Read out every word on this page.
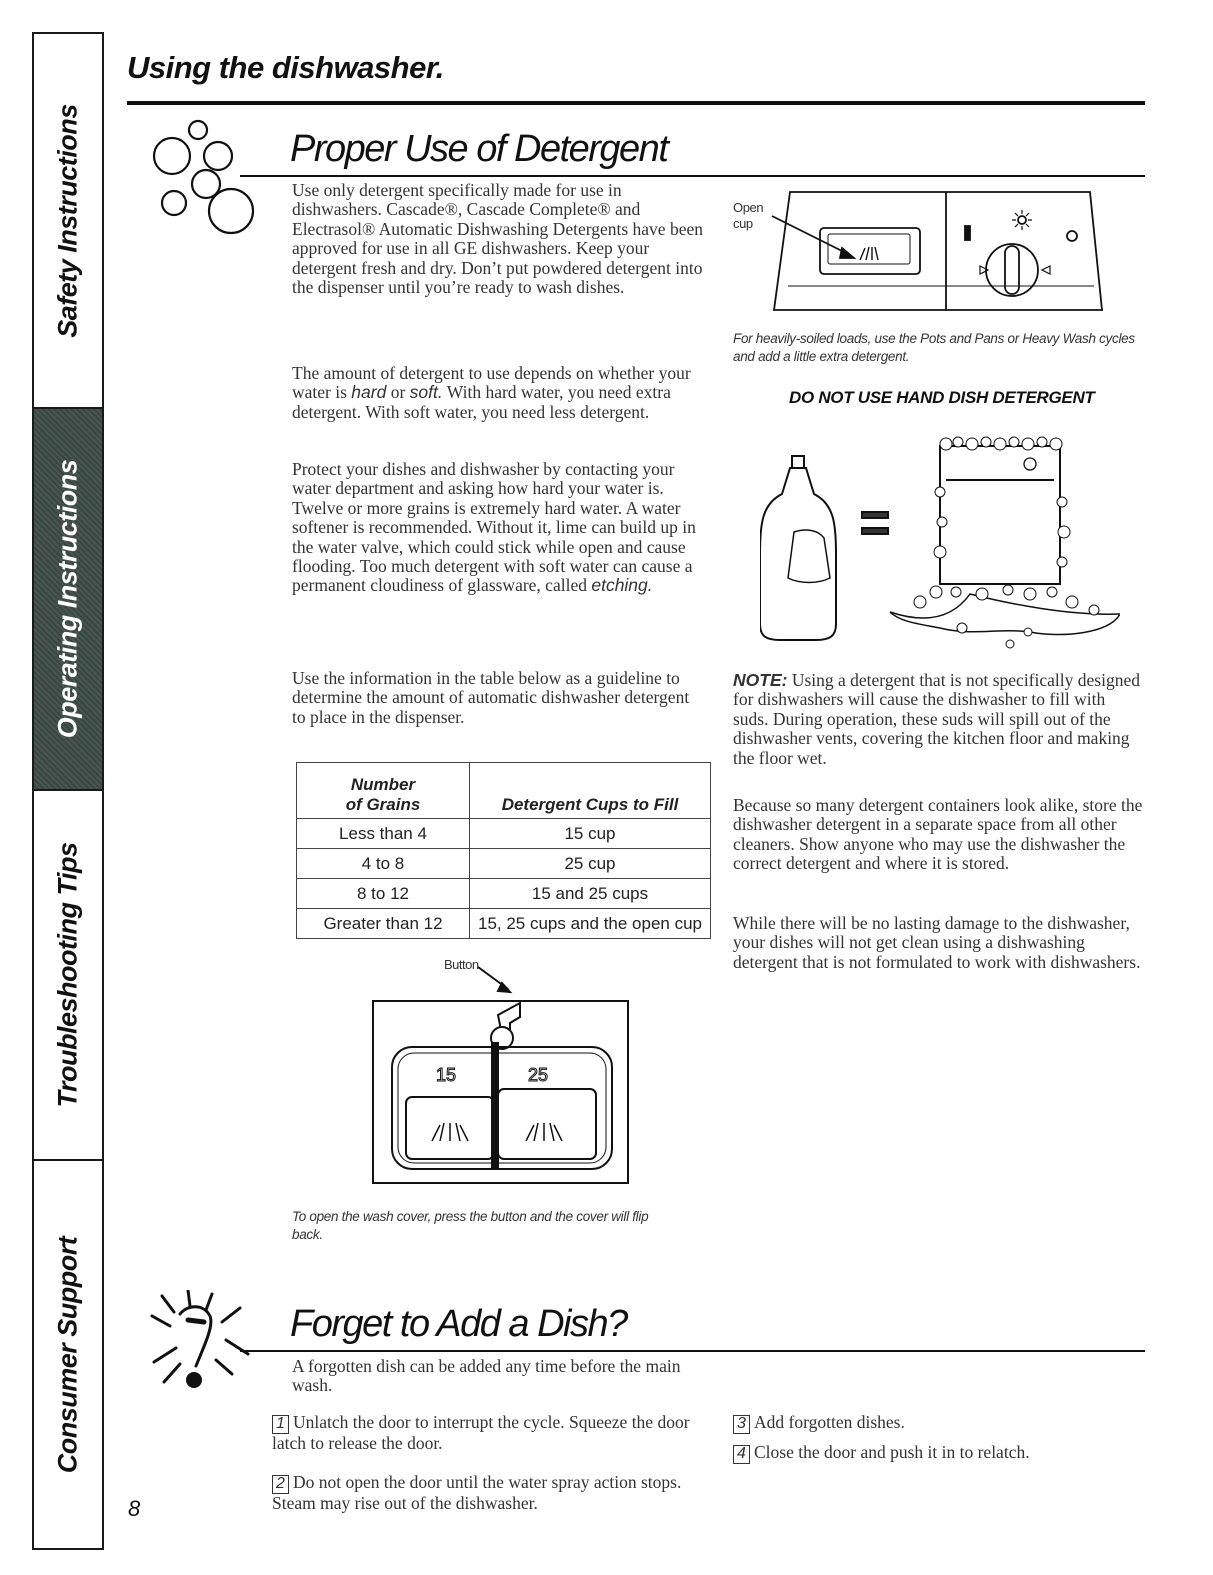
Safety Instructions
Operating Instructions
Troubleshooting Tips
Consumer Support
Using the dishwasher.
Proper Use of Detergent
Use only detergent specifically made for use in dishwashers. Cascade®, Cascade Complete® and Electrasol® Automatic Dishwashing Detergents have been approved for use in all GE dishwashers. Keep your detergent fresh and dry. Don’t put powdered detergent into the dispenser until you’re ready to wash dishes.
The amount of detergent to use depends on whether your water is hard or soft. With hard water, you need extra detergent. With soft water, you need less detergent.
Protect your dishes and dishwasher by contacting your water department and asking how hard your water is. Twelve or more grains is extremely hard water. A water softener is recommended. Without it, lime can build up in the water valve, which could stick while open and cause flooding. Too much detergent with soft water can cause a permanent cloudiness of glassware, called etching.
Use the information in the table below as a guideline to determine the amount of automatic dishwasher detergent to place in the dispenser.
Number
of Grains	Detergent Cups to Fill
Less than 4	15 cup
4 to 8	25 cup
8 to 12	15 and 25 cups
Greater than 12	15, 25 cups and the open cup
Button
15	25
To open the wash cover, press the button and the cover will flip back.
Open cup
For heavily-soiled loads, use the Pots and Pans or Heavy Wash cycles and add a little extra detergent.
DO NOT USE HAND DISH DETERGENT
NOTE: Using a detergent that is not specifically designed for dishwashers will cause the dishwasher to fill with suds. During operation, these suds will spill out of the dishwasher vents, covering the kitchen floor and making the floor wet.
Because so many detergent containers look alike, store the dishwasher detergent in a separate space from all other cleaners. Show anyone who may use the dishwasher the correct detergent and where it is stored.
While there will be no lasting damage to the dishwasher, your dishes will not get clean using a dishwashing detergent that is not formulated to work with dishwashers.
Forget to Add a Dish?
A forgotten dish can be added any time before the main wash.
1 Unlatch the door to interrupt the cycle. Squeeze the door latch to release the door.
2 Do not open the door until the water spray action stops. Steam may rise out of the dishwasher.
3 Add forgotten dishes.
4 Close the door and push it in to relatch.
8
